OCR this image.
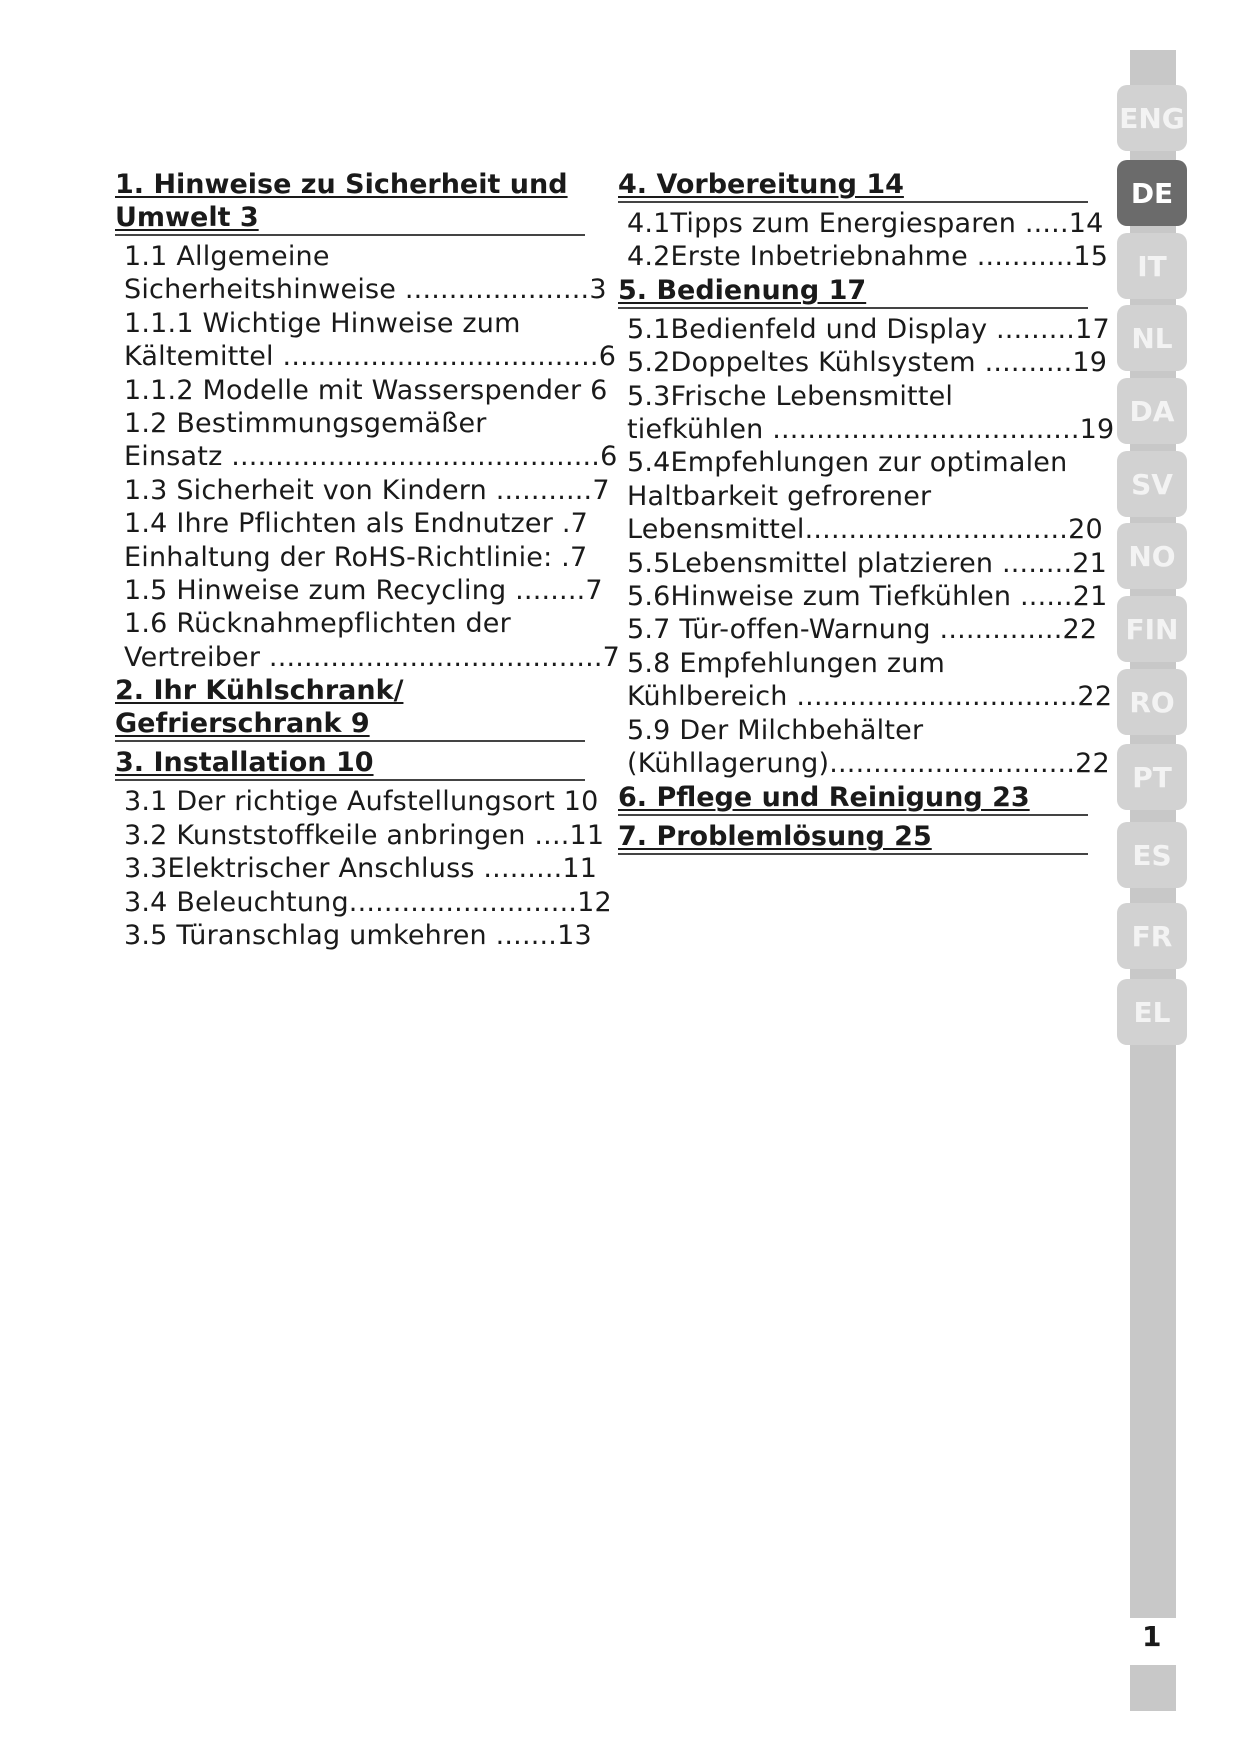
1. Hinweise zu Sicherheit und Umwelt 3
1.1 Allgemeine
Sicherheitshinweise .....................3
1.1.1 Wichtige Hinweise zum
Kältemittel ....................................6
1.1.2 Modelle mit Wasserspender 6
1.2 Bestimmungsgemäßer
Einsatz ..........................................6
1.3 Sicherheit von Kindern ...........7
1.4 Ihre Pflichten als Endnutzer .7
Einhaltung der RoHS-Richtlinie: .7
1.5 Hinweise zum Recycling ........7
1.6 Rücknahmepflichten der
Vertreiber ......................................7
2. Ihr Kühlschrank/ Gefrierschrank 9
3. Installation 10
3.1 Der richtige Aufstellungsort 10
3.2 Kunststoffkeile anbringen ....11
3.3Elektrischer Anschluss .........11
3.4 Beleuchtung..........................12
3.5 Türanschlag umkehren .......13
4. Vorbereitung 14
4.1Tipps zum Energiesparen .....14
4.2Erste Inbetriebnahme ...........15
5. Bedienung 17
5.1Bedienfeld und Display .........17
5.2Doppeltes Kühlsystem ..........19
5.3Frische Lebensmittel
tiefkühlen ...................................19
5.4Empfehlungen zur optimalen
Haltbarkeit gefrorener
Lebensmittel..............................20
5.5Lebensmittel platzieren ........21
5.6Hinweise zum Tiefkühlen ......21
5.7 Tür-offen-Warnung ..............22
5.8 Empfehlungen zum
Kühlbereich ................................22
5.9 Der Milchbehälter
(Kühllagerung)............................22
6. Pflege und Reinigung 23
7. Problemlösung 25
ENG
DE
IT
NL
DA
SV
NO
FIN
RO
PT
ES
FR
EL
1
